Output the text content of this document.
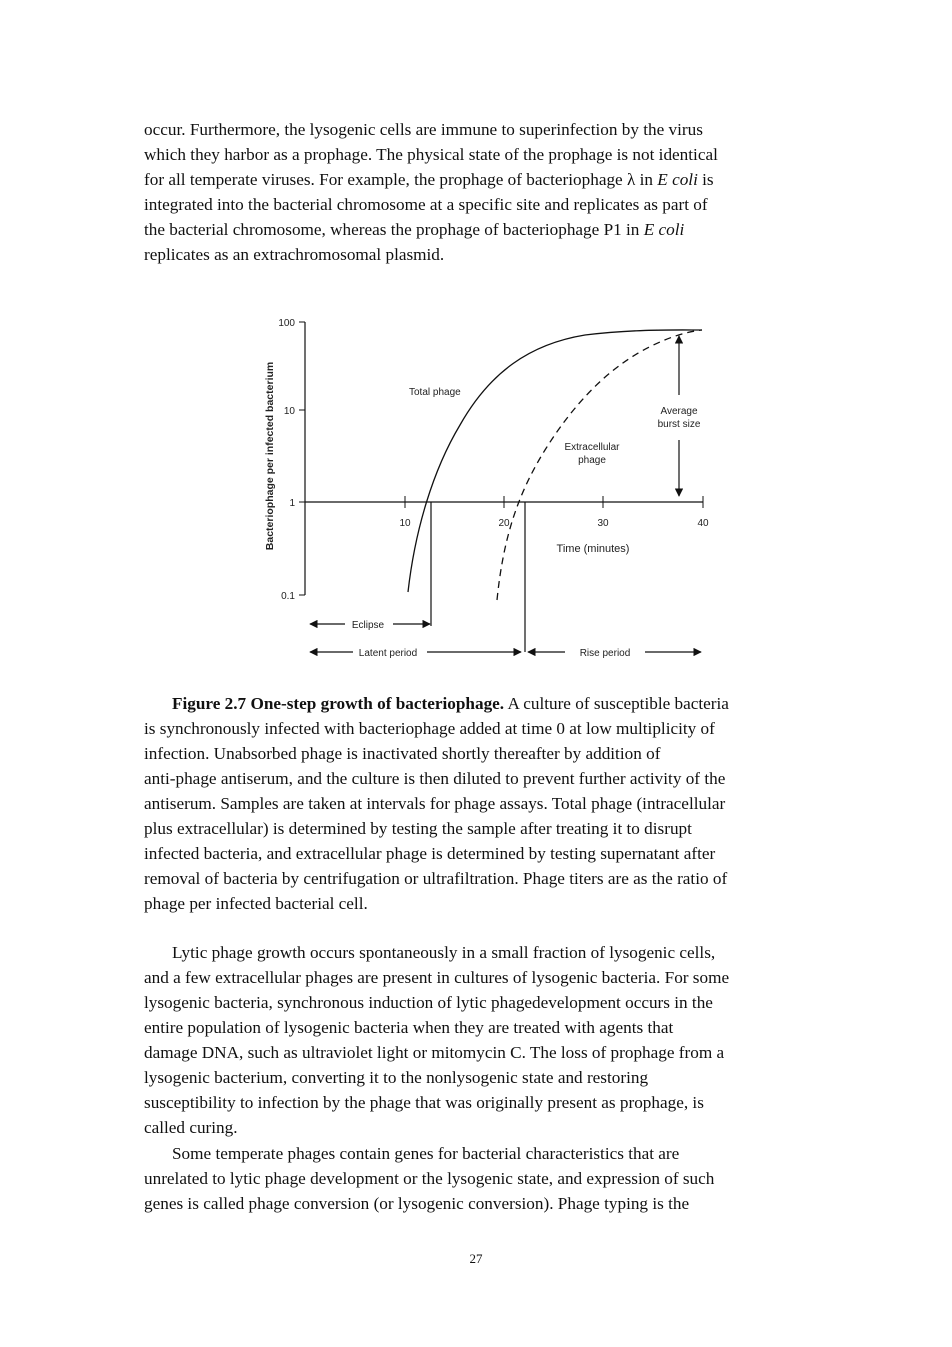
occur. Furthermore, the lysogenic cells are immune to superinfection by the virus
which they harbor as a prophage. The physical state of the prophage is not identical
for all temperate viruses. For example, the prophage of bacteriophage λ in E coli is
integrated into the bacterial chromosome at a specific site and replicates as part of
the bacterial chromosome, whereas the prophage of bacteriophage P1 in E coli
replicates as an extrachromosomal plasmid.
100
10
1
0.1
Bacteriophage per infected bacterium	10	20	30	40
Time (minutes)
Total phage
Extracellular
phage
Average
burst size
Eclipse
Latent period	Rise period
Figure 2.7 One-step growth of bacteriophage. A culture of susceptible bacteria
is synchronously infected with bacteriophage added at time 0 at low multiplicity of
infection. Unabsorbed phage is inactivated shortly thereafter by addition of
anti-phage antiserum, and the culture is then diluted to prevent further activity of the
antiserum. Samples are taken at intervals for phage assays. Total phage (intracellular
plus extracellular) is determined by testing the sample after treating it to disrupt
infected bacteria, and extracellular phage is determined by testing supernatant after
removal of bacteria by centrifugation or ultrafiltration. Phage titers are as the ratio of
phage per infected bacterial cell.
Lytic phage growth occurs spontaneously in a small fraction of lysogenic cells,
and a few extracellular phages are present in cultures of lysogenic bacteria. For some
lysogenic bacteria, synchronous induction of lytic phagedevelopment occurs in the
entire population of lysogenic bacteria when they are treated with agents that
damage DNA, such as ultraviolet light or mitomycin C. The loss of prophage from a
lysogenic bacterium, converting it to the nonlysogenic state and restoring
susceptibility to infection by the phage that was originally present as prophage, is
called curing.
Some temperate phages contain genes for bacterial characteristics that are
unrelated to lytic phage development or the lysogenic state, and expression of such
genes is called phage conversion (or lysogenic conversion). Phage typing is the
27
